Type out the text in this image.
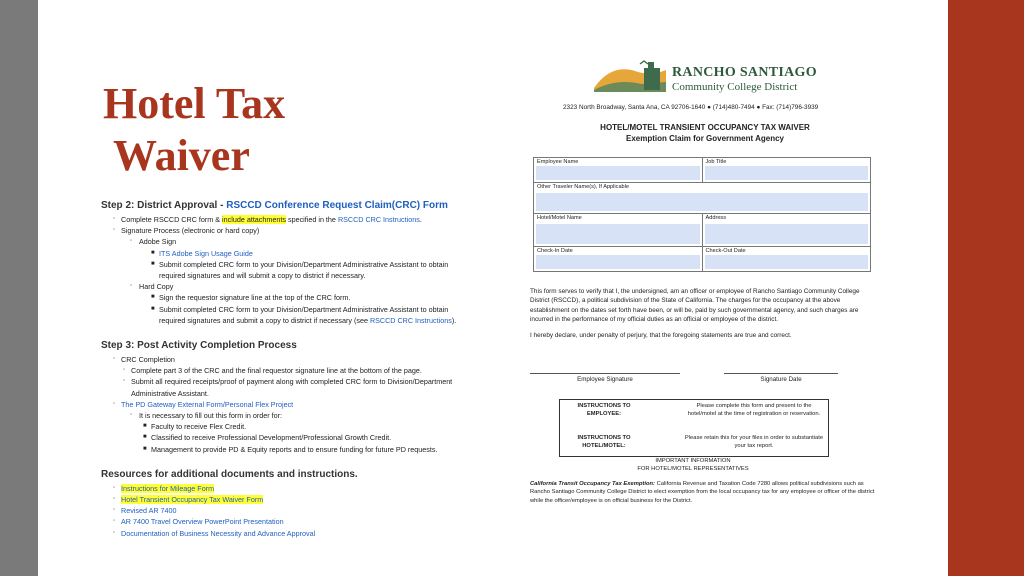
Hotel Tax
Waiver

Step 2: District Approval - RSCCD Conference Request Claim(CRC) Form

▫ Complete RSCCD CRC form & include attachments specified in the RSCCD CRC Instructions.
▫ Signature Process (electronic or hard copy)
▫ Adobe Sign
■ ITS Adobe Sign Usage Guide
■ Submit completed CRC form to your Division/Department Administrative Assistant to obtain
required signatures and will submit a copy to district if necessary.
▫ Hard Copy
■ Sign the requestor signature line at the top of the CRC form.
■ Submit completed CRC form to your Division/Department Administrative Assistant to obtain
required signatures and submit a copy to district if necessary (see RSCCD CRC Instructions).

Step 3: Post Activity Completion Process

▫ CRC Completion
▫ Complete part 3 of the CRC and the final requestor signature line at the bottom of the page.
▫ Submit all required receipts/proof of payment along with completed CRC form to Division/Department
Administrative Assistant.
▫ The PD Gateway External Form/Personal Flex Project
▫ It is necessary to fill out this form in order for:
■ Faculty to receive Flex Credit.
■ Classified to receive Professional Development/Professional Growth Credit.
■ Management to provide PD & Equity reports and to ensure funding for future PD requests.

Resources for additional documents and instructions.

▫ Instructions for Mileage Form
▫ Hotel Transient Occupancy Tax Waiver Form
▫ Revised AR 7400
▫ AR 7400 Travel Overview PowerPoint Presentation
▫ Documentation of Business Necessity and Advance Approval
RANCHO SANTIAGO
Community College District
2323 North Broadway, Santa Ana, CA 92706-1640 ● (714)480-7494 ● Fax: (714)796-3939
HOTEL/MOTEL TRANSIENT OCCUPANCY TAX WAIVER
Exemption Claim for Government Agency
Employee Name	Job Title
Other Traveler Name(s), If Applicable
Hotel/Motel Name	Address
Check-In Date	Check-Out Date
This form serves to verify that I, the undersigned, am an officer or employee of Rancho Santiago Community College District (RSCCD), a political subdivision of the State of California. The charges for the occupancy at the above establishment on the dates set forth have been, or will be, paid by such governmental agency, and such charges are incurred in the performance of my official duties as an official or employee of the district.
I hereby declare, under penalty of perjury, that the foregoing statements are true and correct.
Employee Signature	Signature Date
INSTRUCTIONS TO EMPLOYEE:
Please complete this form and present to the hotel/motel at the time of registration or reservation.
INSTRUCTIONS TO HOTEL/MOTEL:
Please retain this for your files in order to substantiate your tax report.
IMPORTANT INFORMATION
FOR HOTEL/MOTEL REPRESENTATIVES
California Transit Occupancy Tax Exemption: California Revenue and Taxation Code 7280 allows political subdivisions such as Rancho Santiago Community College District to elect exemption from the local occupancy tax for any employee or officer of the district while the officer/employee is on official business for the District.
